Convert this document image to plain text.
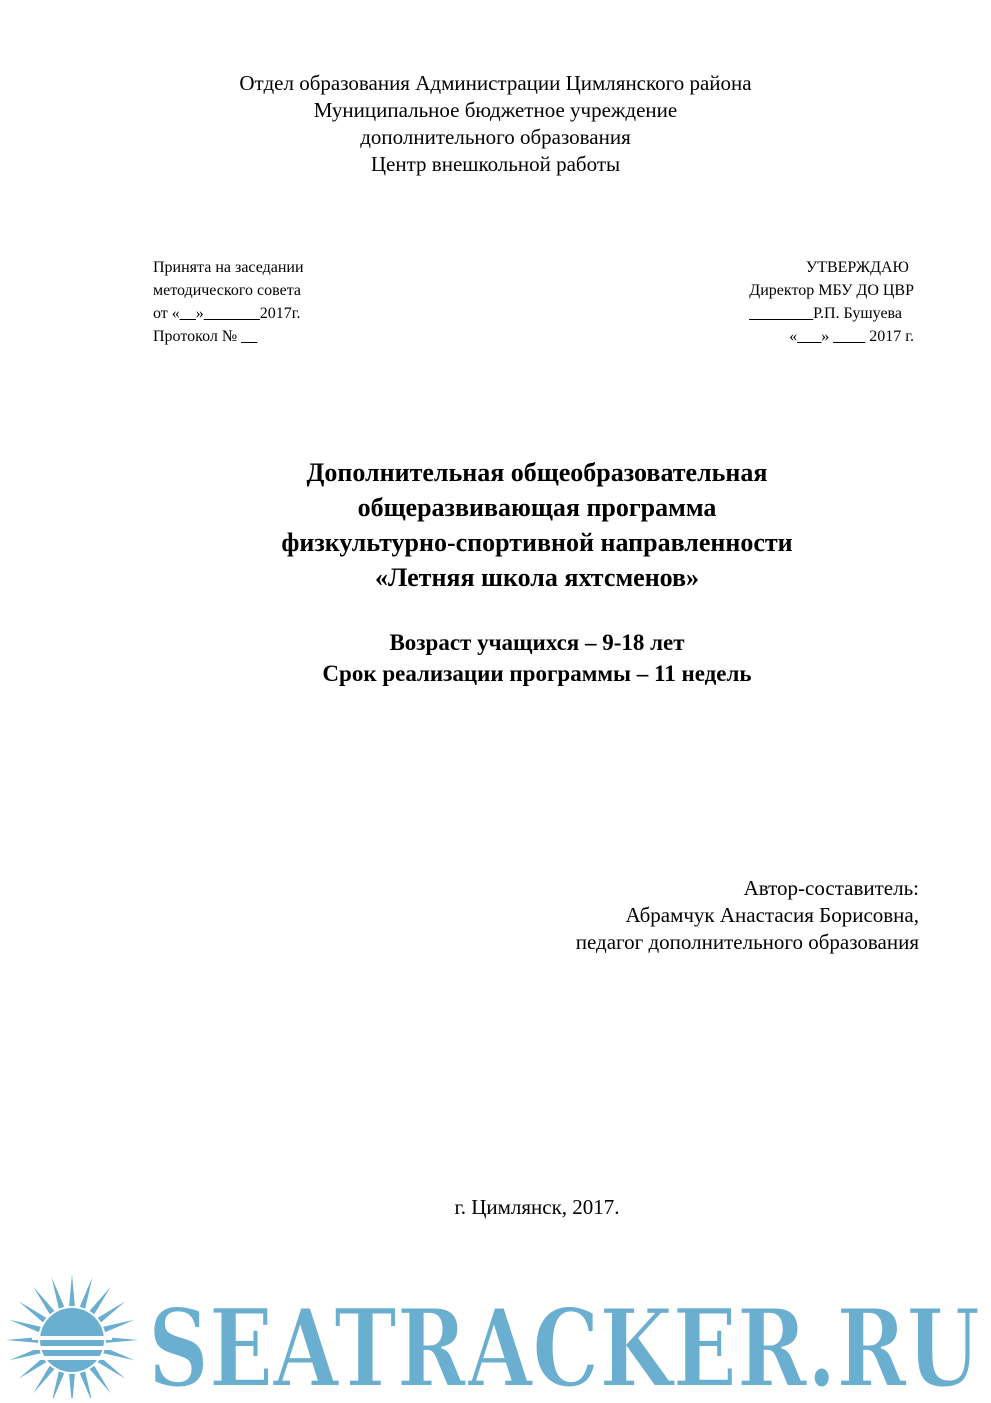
Отдел образования Администрации Цимлянского района
Муниципальное бюджетное учреждение
дополнительного образования
Центр внешкольной работы
Принята на заседании
методического совета
от «__»_______2017г.
Протокол № __
УТВЕРЖДАЮ
Директор МБУ ДО ЦВР
________Р.П. Бушуева
«___» ____ 2017 г.
Дополнительная общеобразовательная
общеразвивающая программа
физкультурно-спортивной направленности
«Летняя школа яхтсменов»
Возраст учащихся – 9-18 лет
Срок реализации программы – 11 недель
Автор-составитель:
Абрамчук Анастасия Борисовна,
педагог дополнительного образования
г. Цимлянск, 2017.
SEATRACKER.RU
